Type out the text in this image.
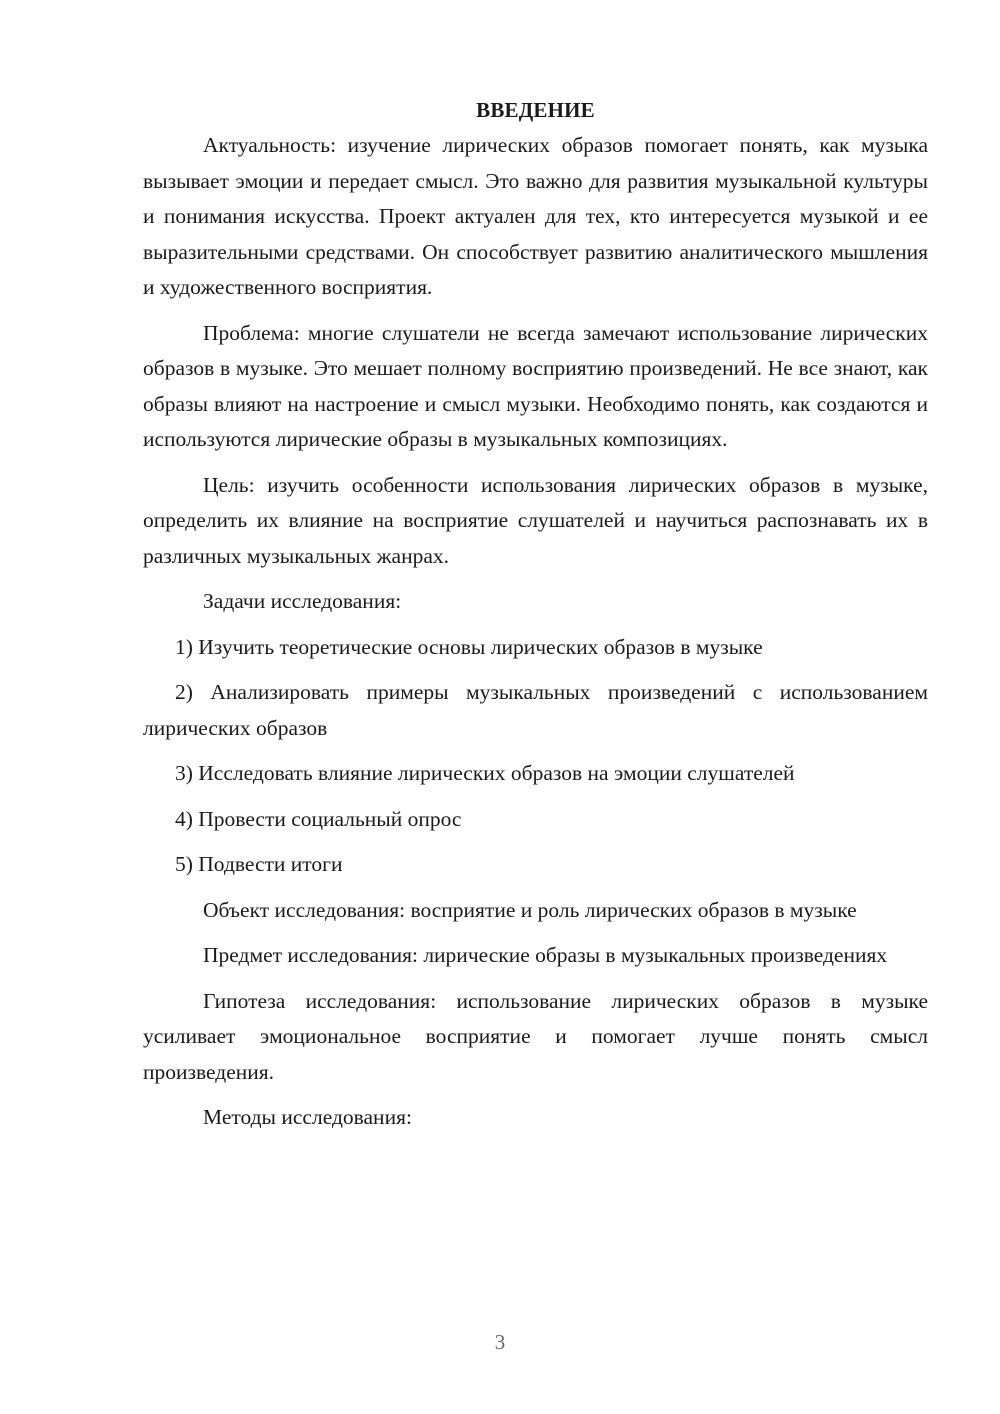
ВВЕДЕНИЕ

Актуальность: изучение лирических образов помогает понять, как музыка вызывает эмоции и передает смысл. Это важно для развития музыкальной культуры и понимания искусства. Проект актуален для тех, кто интересуется музыкой и ее выразительными средствами. Он способствует развитию аналитического мышления и художественного восприятия.

Проблема: многие слушатели не всегда замечают использование лирических образов в музыке. Это мешает полному восприятию произведений. Не все знают, как образы влияют на настроение и смысл музыки. Необходимо понять, как создаются и используются лирические образы в музыкальных композициях.

Цель: изучить особенности использования лирических образов в музыке, определить их влияние на восприятие слушателей и научиться распознавать их в различных музыкальных жанрах.

Задачи исследования:

1) Изучить теоретические основы лирических образов в музыке

2) Анализировать примеры музыкальных произведений с использованием лирических образов

3) Исследовать влияние лирических образов на эмоции слушателей

4) Провести социальный опрос

5) Подвести итоги

Объект исследования: восприятие и роль лирических образов в музыке

Предмет исследования: лирические образы в музыкальных произведениях

Гипотеза исследования: использование лирических образов в музыке усиливает эмоциональное восприятие и помогает лучше понять смысл произведения.

Методы исследования:

3
